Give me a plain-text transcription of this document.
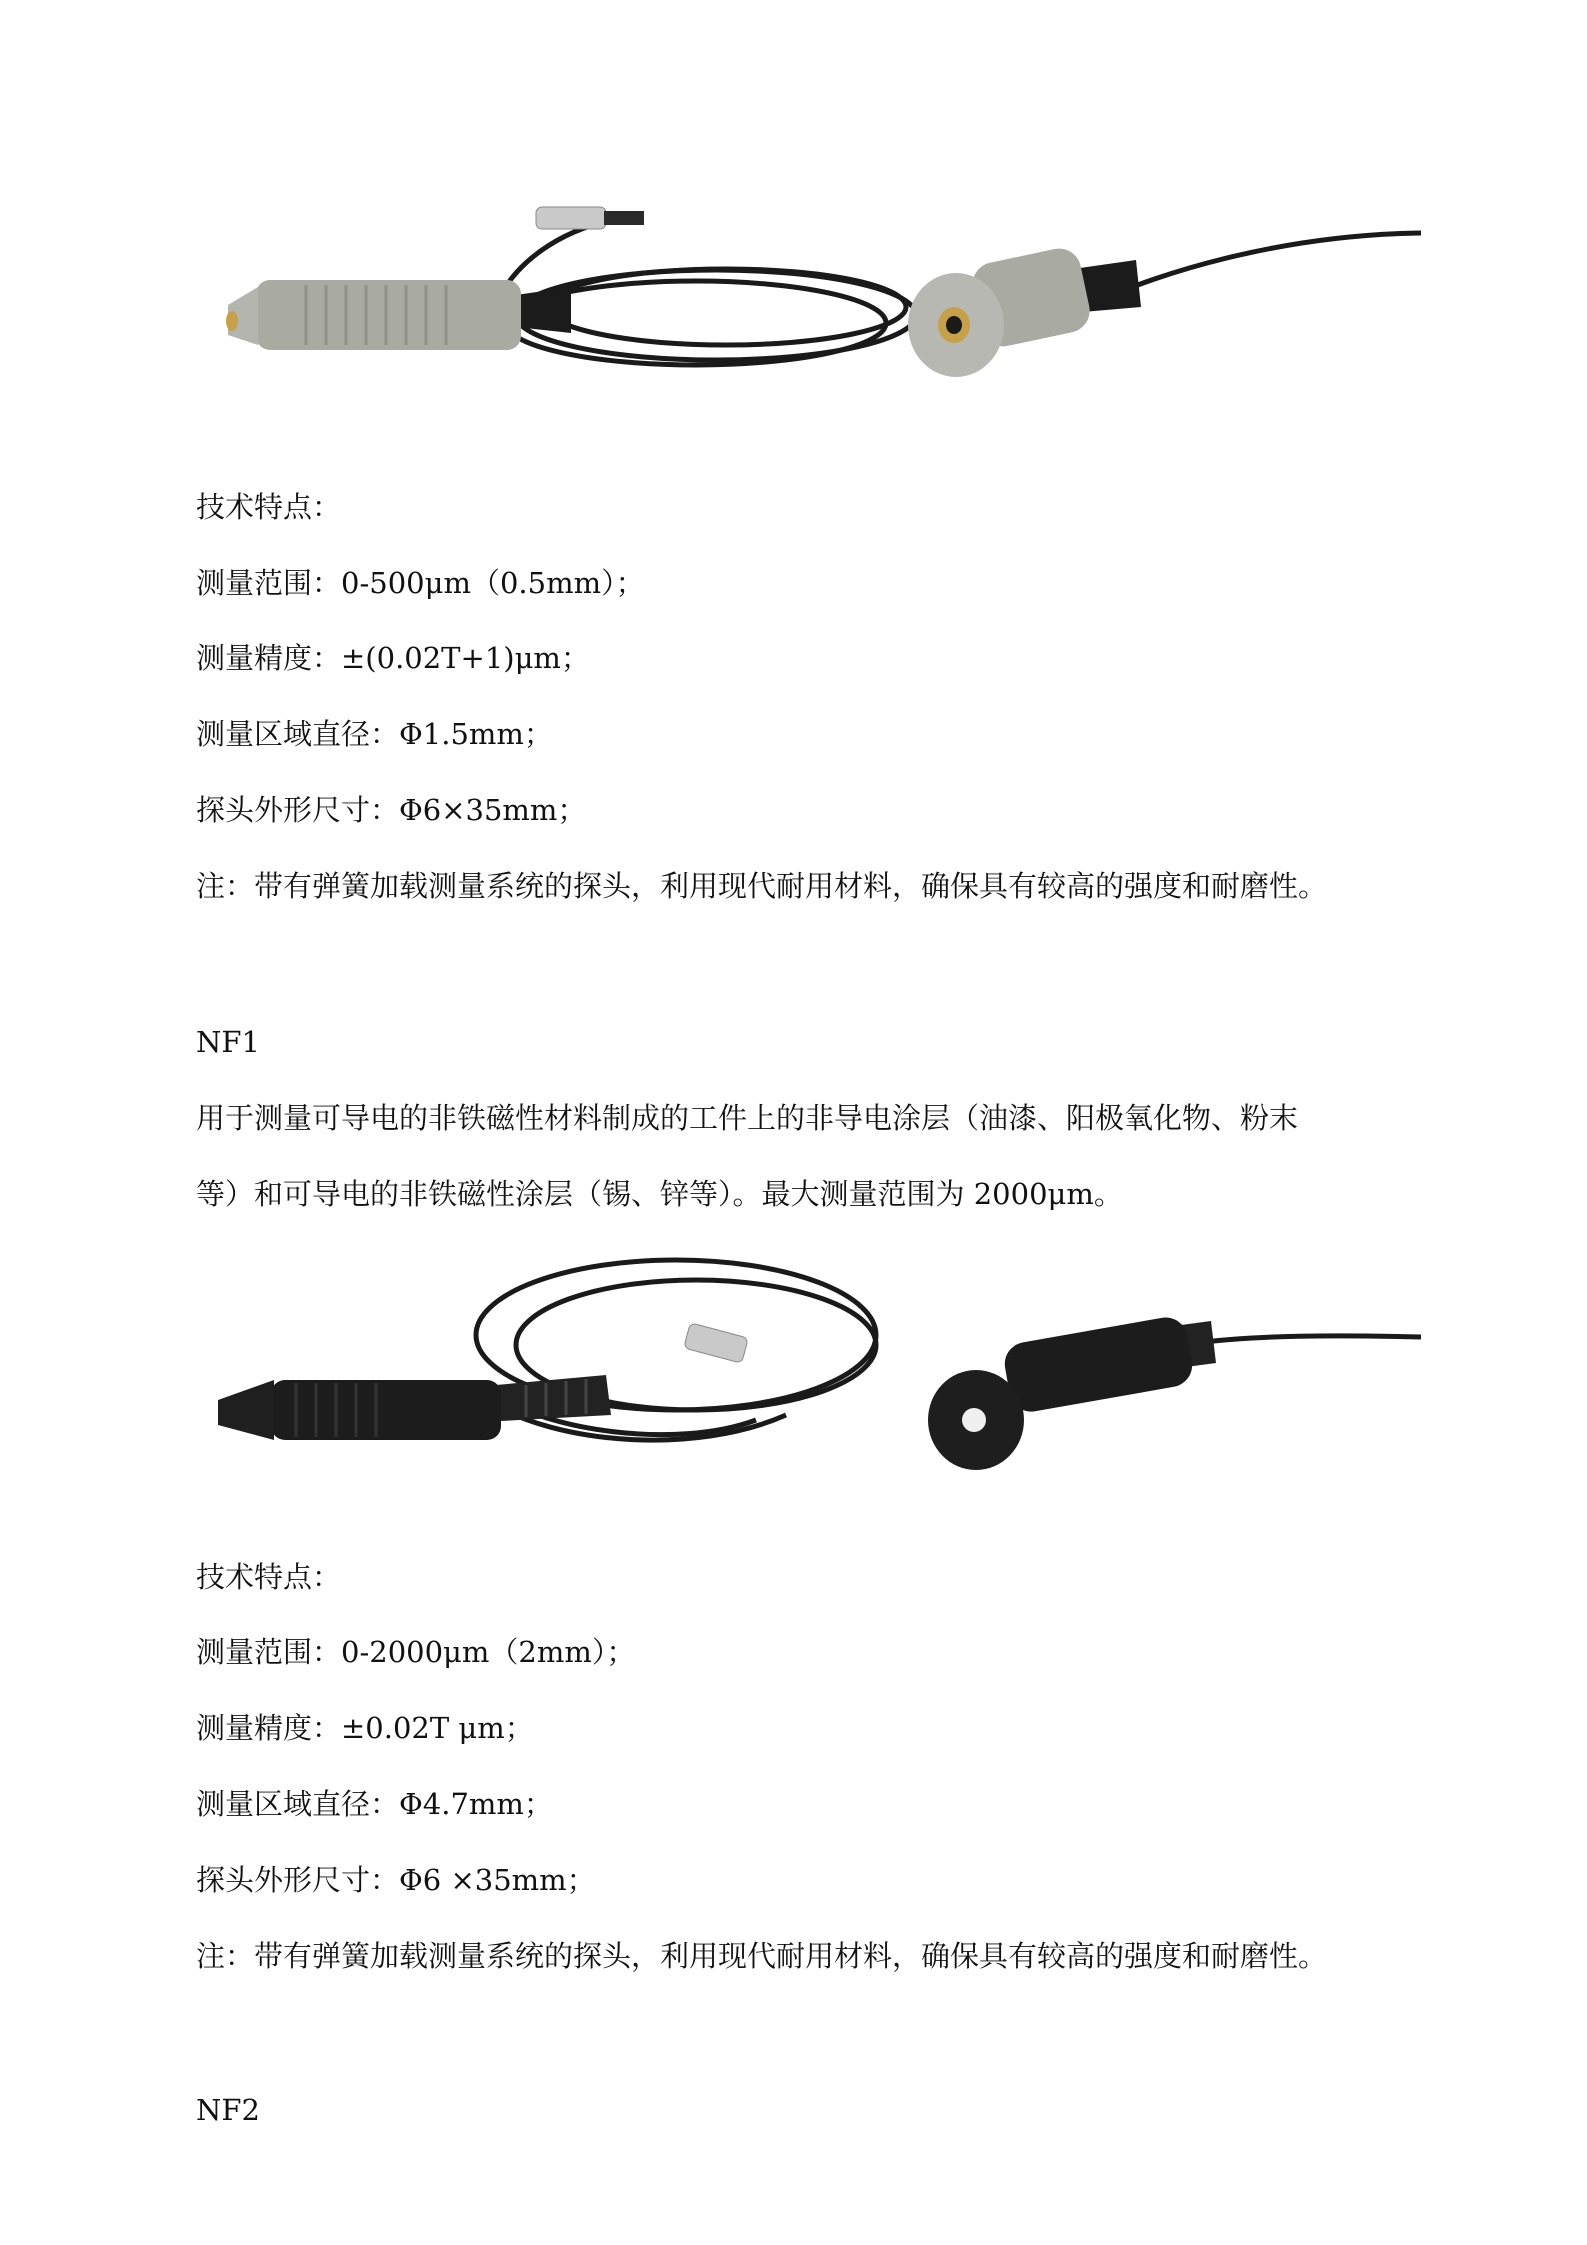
技术特点：
测量范围：0-500μm（0.5mm）；
测量精度：±(0.02T+1)μm；
测量区域直径：Φ1.5mm；
探头外形尺寸：Φ6×35mm；
注：带有弹簧加载测量系统的探头，利用现代耐用材料，确保具有较高的强度和耐磨性。
NF1
用于测量可导电的非铁磁性材料制成的工件上的非导电涂层（油漆、阳极氧化物、粉末
等）和可导电的非铁磁性涂层（锡、锌等）。最大测量范围为 2000μm。
技术特点：
测量范围：0-2000μm（2mm）；
测量精度：±0.02T μm；
测量区域直径：Φ4.7mm；
探头外形尺寸：Φ6 ×35mm；
注：带有弹簧加载测量系统的探头，利用现代耐用材料，确保具有较高的强度和耐磨性。
NF2
